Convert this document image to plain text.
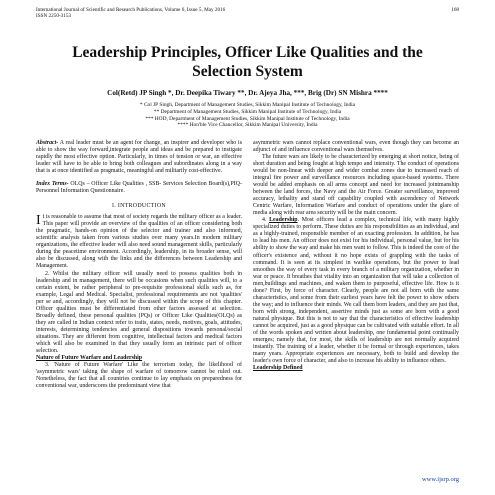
International Journal of Scientific and Research Publications, Volume 6, Issue 5, May 2016
ISSN 2250-3153
168
Leadership Principles, Officer Like Qualities and the
Selection System
Col(Retd) JP Singh *, Dr. Deepika Tiwary **, Dr. Ajeya Jha, ***, Brig (Dr) SN Mishra ****
* Col JP Singh, Department of Management Studies, Sikkim Manipal Institute of Technology, India
** Department of Management Studies, Sikkim Manipal Institute of Technology, India
*** HOD, Department of Management Studies, Sikkim Manipal Institute of Technology, India
**** Hon'ble Vice Chancellor, Sikkim Manipal University, India

Abstract- A real leader must be an agent for change, an inspirer and developer who is able to show the way forward,integrate people and ideas and be prepared to instigate rapidly the most effective option. Particularly, in times of tension or war, an effective leader will have to be able to bring both colleagues and subordinates along in a way that is at once identified as pragmatic, meaningful and militarily cost-effective.

Index Terms- OLQs – Officer Like Qualities , SSB- Services Selection Board(s),PIQ- Personnel Information Questionnaire.

I. INTRODUCTION

It is reasonable to assume that most of society regards the military officer as a leader. This paper will provide an overview of the qualities of an officer considering both the pragmatic, hands-on opinion of the selector and trainer and also informed, scientific analysis taken from various studies over many years.In modern military organizations, the effective leader will also need sound management skills, particularly during the peacetime environment. Accordingly, leadership, in its broader sense, will also be discussed, along with the links and the differences between Leadership and Management.

2. Whilst the military officer will usually need to possess qualities both in leadership and in management, there will be occasions when such qualities will, to a certain extent, be rather peripheral to pre-requisite professional skills such as, for example, Legal and Medical. Specialist, professional requirements are not 'qualities' per se and, accordingly, they will not be discussed within the scope of this chapter. Officer qualities must be differentiated from other factors assessed at selection. Broadly defined, these personal qualities (PQs) or Officer Like Qualities(OLQs) as they are called in Indian context refer to traits, states, needs, motives, goals, attitudes, interests, determining tendencies and general dispositions towards personal/social situations. They are different from cognitive, intellectual factors and medical factors which will also be examined in that they usually form an intrinsic part of officer selection.

Nature of Future Warfare and Leadership

3. 'Nature of Future Warfare' Like the terrorism today, the likelihood of 'asymmetric wars' taking the shape of warfare of tomorrow cannot be ruled out. Nonetheless, the fact that all countries continue to lay emphasis on preparedness for conventional war, underscores the predominant view that

asymmetric wars cannot replace conventional wars, even though they can become an adjunct of and influence conventional wars themselves.

The future wars are likely to be characterized by emerging at short notice, being of short duration and being fought at high tempo and intensity. The conduct of operations would be non-linear with deeper and wider combat zones due to increased reach of integral fire power and surveillance resources including space-based systems. There would be added emphasis on all arms concept and need for increased jointmanship between the land forces, the Navy and the Air Force. Greater surveillance, improved accuracy, lethality and stand off capability coupled with ascendency of Network Centric Warfare, Information Warfare and conduct of operations under the glare of media along with rear area security will be the main concern.

4. Leadership. Most officers lead a complex, technical life, with many highly specialized duties to perform. These duties are his responsibilities as an individual, and as a highly-trained, responsible member of an exacting profession. In addition, he has to lead his men. An officer does not exist for his individual, personal value, but for his ability to show the way and make his men want to follow. This is indeed the core of the officer's existence and, without it no hope exists of grappling with the tasks of command. It is seen at its simplest in warlike operations, but the power to lead smoothes the way of every task in every branch of a military organization, whether in war or peace. It breathes that vitality into an organization that will take a collection of men,buildings and machines, and waken them to purposeful, effective life. How is it done? First, by force of character. Clearly, people are not all born with the same characteristics, and some from their earliest years have felt the power to show others the way; and to influence their minds. We call them born leaders, and they are just that, born with strong, independent, assertive minds just as some are born with a good natural physique. But this is not to say that the characteristics of effective leadership cannot be acquired, just as a good physique can be cultivated with suitable effort. In all of the words spoken and written about leadership, one fundamental point continually emerges; namely that, for most, the skills of leadership are not normally acquired instantly. The training of a leader, whether it be formal or through experiences, takes many years. Appropriate experiences are necessary, both to build and develop the leader's own force of character, and also to increase his ability to influence others.

Leadership Defined

www.ijsrp.org
